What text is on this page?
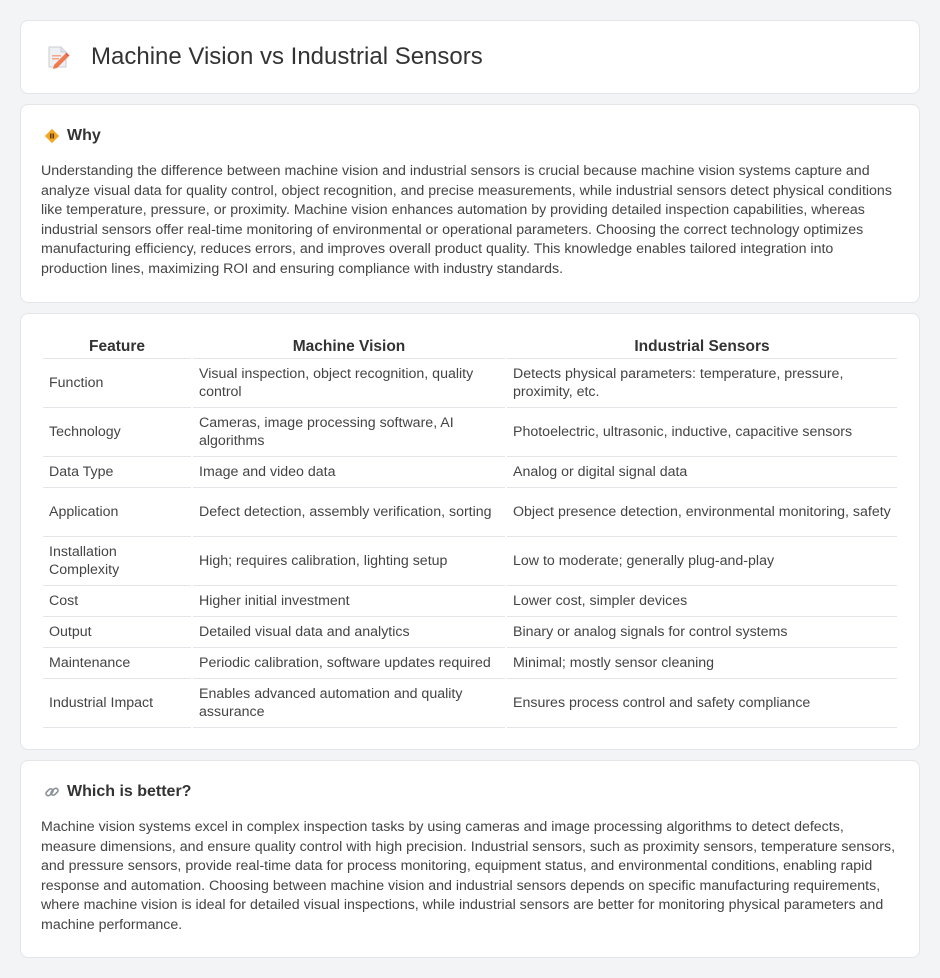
Machine Vision vs Industrial Sensors
Why

Understanding the difference between machine vision and industrial sensors is crucial because machine vision systems capture and analyze visual data for quality control, object recognition, and precise measurements, while industrial sensors detect physical conditions like temperature, pressure, or proximity. Machine vision enhances automation by providing detailed inspection capabilities, whereas industrial sensors offer real-time monitoring of environmental or operational parameters. Choosing the correct technology optimizes manufacturing efficiency, reduces errors, and improves overall product quality. This knowledge enables tailored integration into production lines, maximizing ROI and ensuring compliance with industry standards.

Feature	Machine Vision	Industrial Sensors
Function	Visual inspection, object recognition, quality control	Detects physical parameters: temperature, pressure, proximity, etc.
Technology	Cameras, image processing software, AI algorithms	Photoelectric, ultrasonic, inductive, capacitive sensors
Data Type	Image and video data	Analog or digital signal data
Application	Defect detection, assembly verification, sorting	Object presence detection, environmental monitoring, safety
Installation Complexity	High; requires calibration, lighting setup	Low to moderate; generally plug-and-play
Cost	Higher initial investment	Lower cost, simpler devices
Output	Detailed visual data and analytics	Binary or analog signals for control systems
Maintenance	Periodic calibration, software updates required	Minimal; mostly sensor cleaning
Industrial Impact	Enables advanced automation and quality assurance	Ensures process control and safety compliance
Which is better?

Machine vision systems excel in complex inspection tasks by using cameras and image processing algorithms to detect defects, measure dimensions, and ensure quality control with high precision. Industrial sensors, such as proximity sensors, temperature sensors, and pressure sensors, provide real-time data for process monitoring, equipment status, and environmental conditions, enabling rapid response and automation. Choosing between machine vision and industrial sensors depends on specific manufacturing requirements, where machine vision is ideal for detailed visual inspections, while industrial sensors are better for monitoring physical parameters and machine performance.
